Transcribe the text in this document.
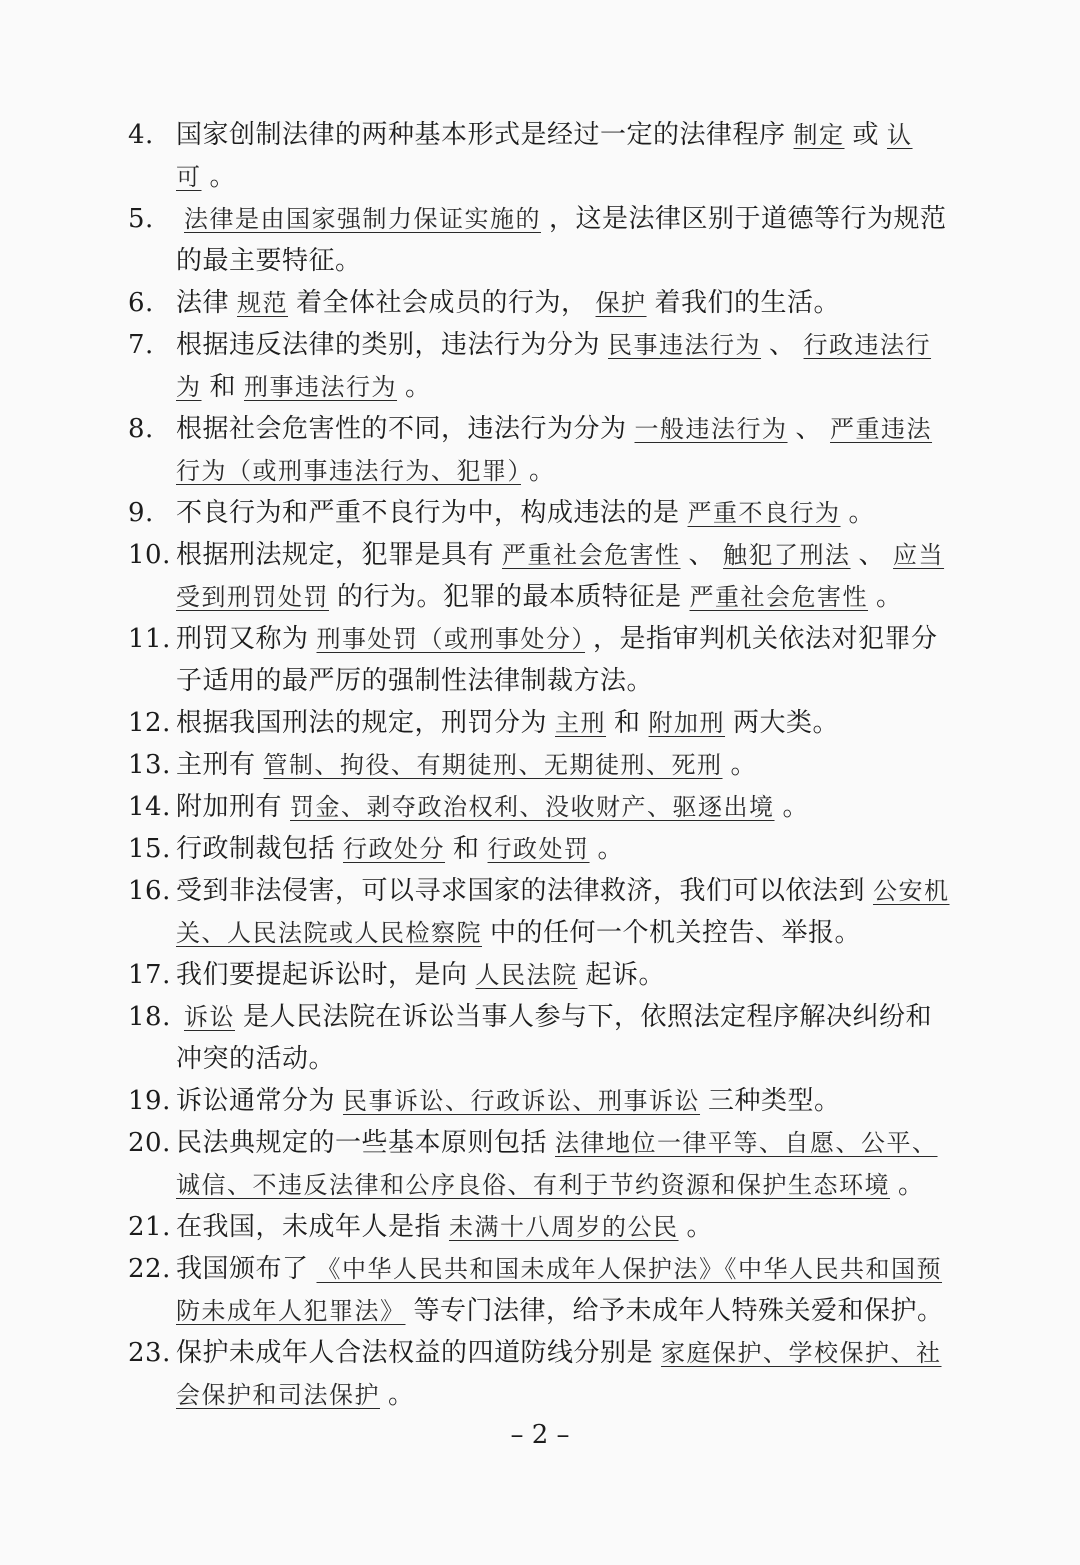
4. 国家创制法律的两种基本形式是经过一定的法律程序 制定 或 认可 。
5. 法律是由国家强制力保证实施的 ，这是法律区别于道德等行为规范的最主要特征。
6. 法律 规范 着全体社会成员的行为， 保护 着我们的生活。
7. 根据违反法律的类别，违法行为分为 民事违法行为 、 行政违法行为 和 刑事违法行为 。
8. 根据社会危害性的不同，违法行为分为 一般违法行为 、 严重违法行为（或刑事违法行为、犯罪） 。
9. 不良行为和严重不良行为中，构成违法的是 严重不良行为 。
10. 根据刑法规定，犯罪是具有 严重社会危害性 、 触犯了刑法 、 应当受到刑罚处罚 的行为。犯罪的最本质特征是 严重社会危害性 。
11. 刑罚又称为 刑事处罚（或刑事处分） ，是指审判机关依法对犯罪分子适用的最严厉的强制性法律制裁方法。
12. 根据我国刑法的规定，刑罚分为 主刑 和 附加刑 两大类。
13. 主刑有 管制、拘役、有期徒刑、无期徒刑、死刑 。
14. 附加刑有 罚金、剥夺政治权利、没收财产、驱逐出境 。
15. 行政制裁包括 行政处分 和 行政处罚 。
16. 受到非法侵害，可以寻求国家的法律救济，我们可以依法到 公安机关、人民法院或人民检察院 中的任何一个机关控告、举报。
17. 我们要提起诉讼时，是向 人民法院 起诉。
18. 诉讼 是人民法院在诉讼当事人参与下，依照法定程序解决纠纷和冲突的活动。
19. 诉讼通常分为 民事诉讼、行政诉讼、刑事诉讼 三种类型。
20. 民法典规定的一些基本原则包括 法律地位一律平等、自愿、公平、诚信、不违反法律和公序良俗、有利于节约资源和保护生态环境 。
21. 在我国，未成年人是指 未满十八周岁的公民 。
22. 我国颁布了 《中华人民共和国未成年人保护法》《中华人民共和国预防未成年人犯罪法》 等专门法律，给予未成年人特殊关爱和保护。
23. 保护未成年人合法权益的四道防线分别是 家庭保护、学校保护、社会保护和司法保护 。
– 2 –
